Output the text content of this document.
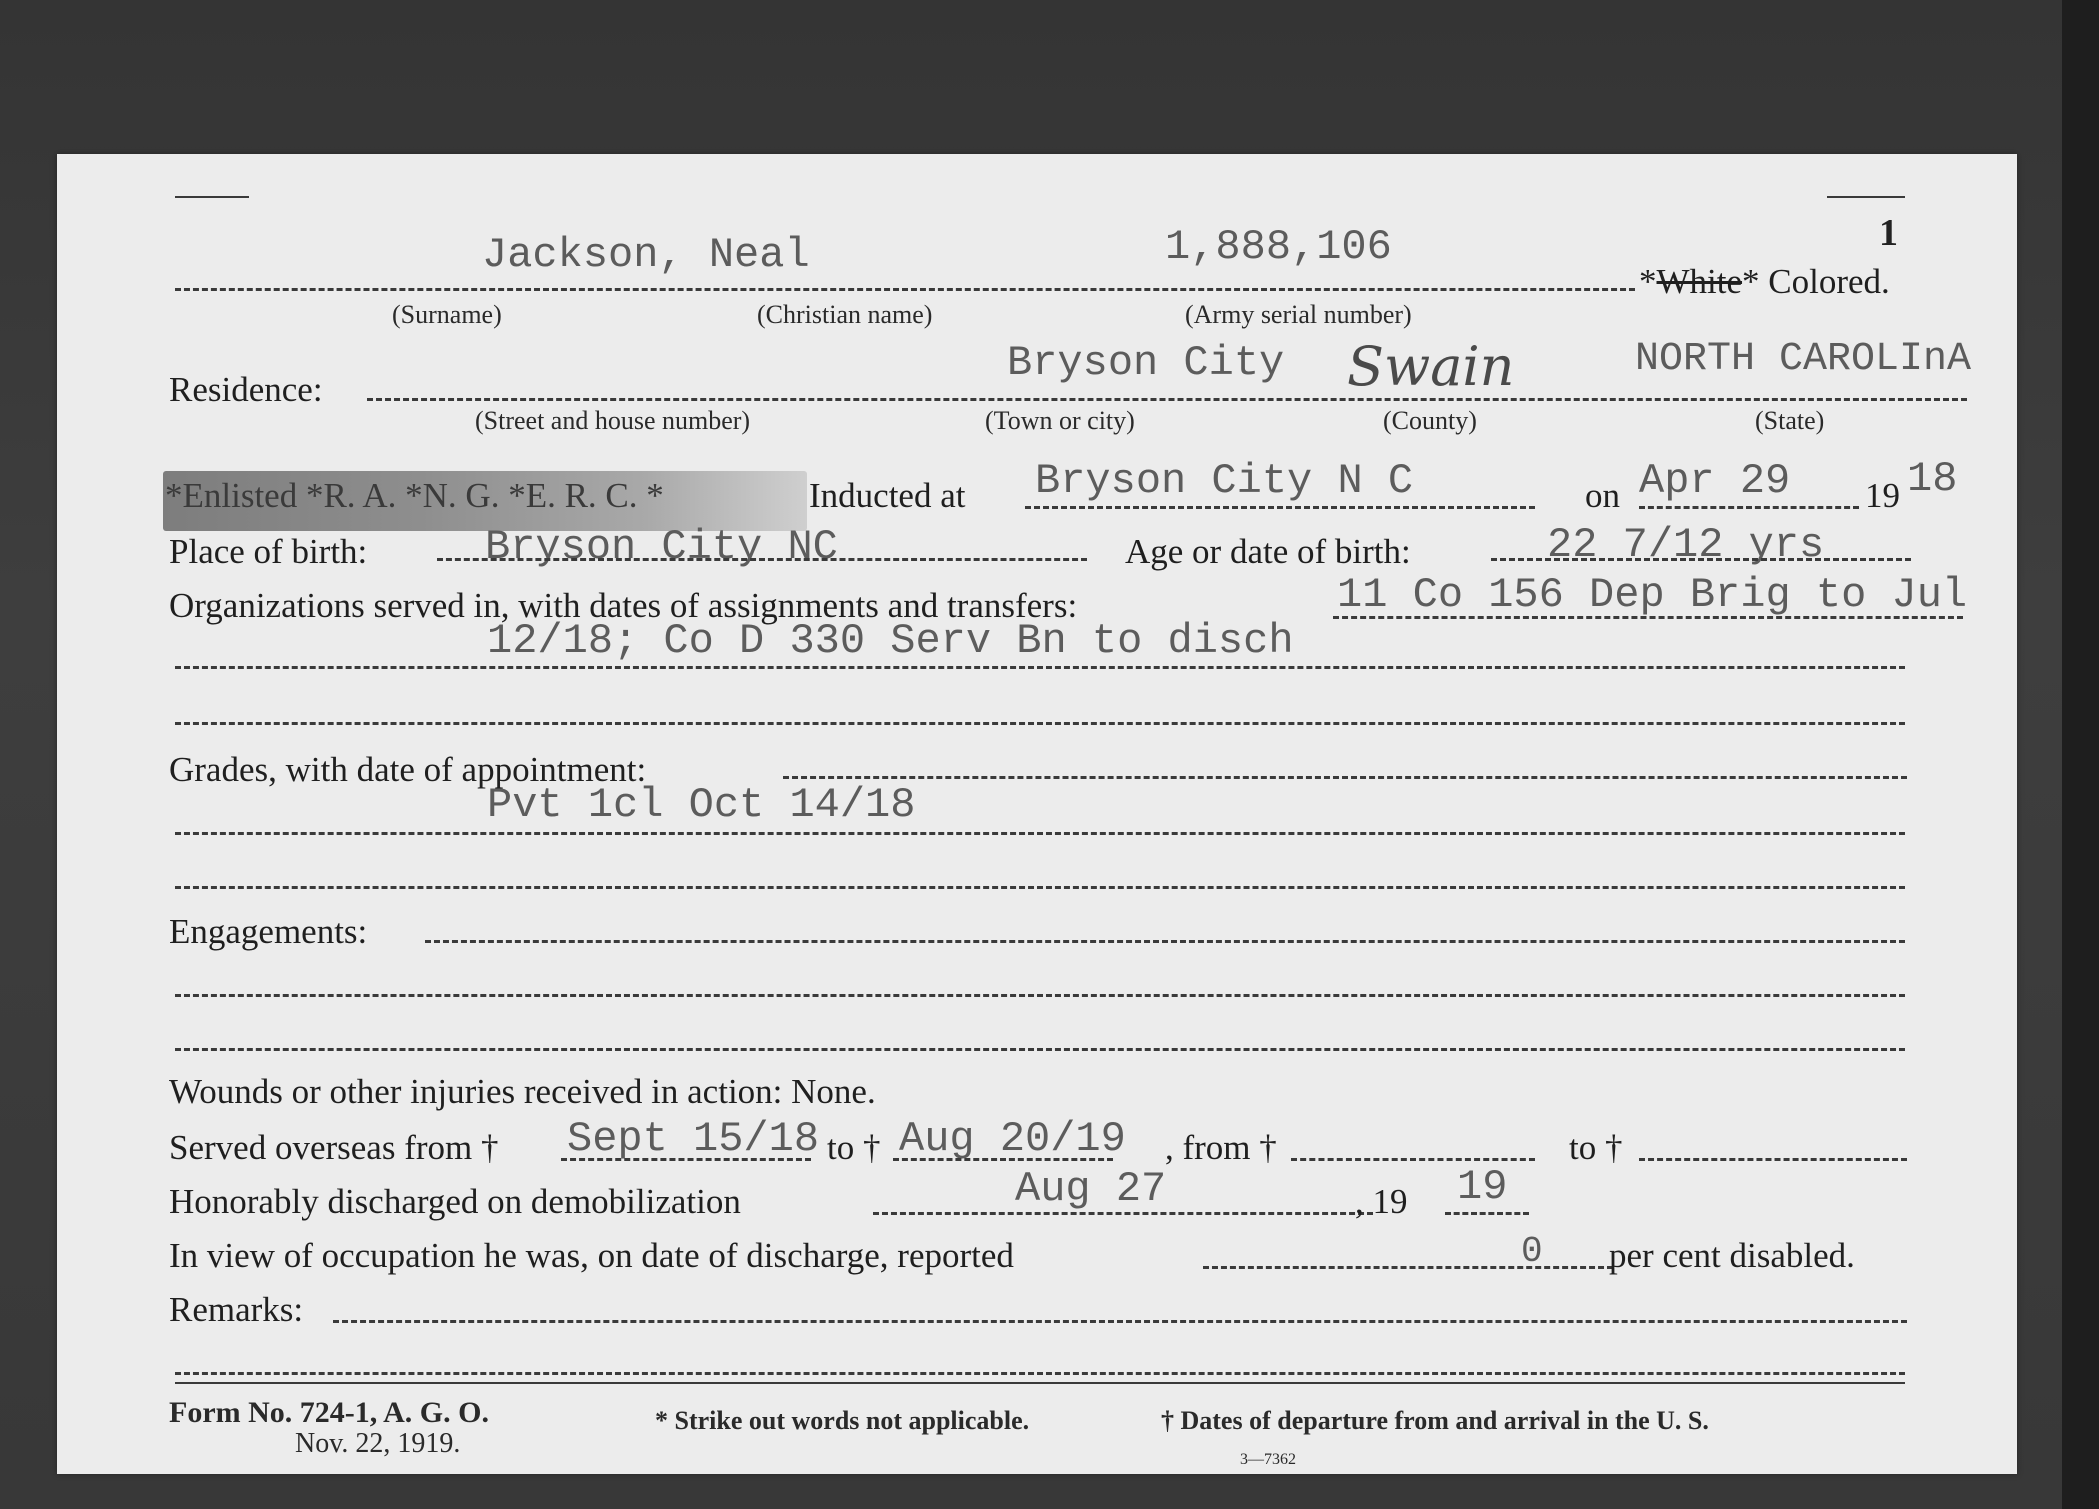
1
Jackson, Neal	1,888,106
*White* Colored.
(Surname)	(Christian name)	(Army serial number)
Residence:
Bryson City Swain	NORTH CAROLInA
(Street and house number)	(Town or city)	(County)	(State)
*Enlisted *R. A. *N. G. *E. R. C. *	Inducted at Bryson City N C	on Apr 29 19 18
Place of birth:	Bryson City NC	Age or date of birth:	22 7/12 yrs
Organizations served in, with dates of assignments and transfers:	11 Co 156 Dep Brig to Jul
12/18; Co D 330 Serv Bn to disch
Grades, with date of appointment:
Pvt 1cl Oct 14/18
Engagements:
Wounds or other injuries received in action: None.
Served overseas from † Sept 15/18 to † Aug 20/19 , from †	to †
Honorably discharged on demobilization	Aug 27	, 19 19
In view of occupation he was, on date of discharge, reported	0 per cent disabled.
Remarks:
Form No. 724-1, A. G. O.
Nov. 22, 1919.
* Strike out words not applicable.	† Dates of departure from and arrival in the U. S.
3—7362
